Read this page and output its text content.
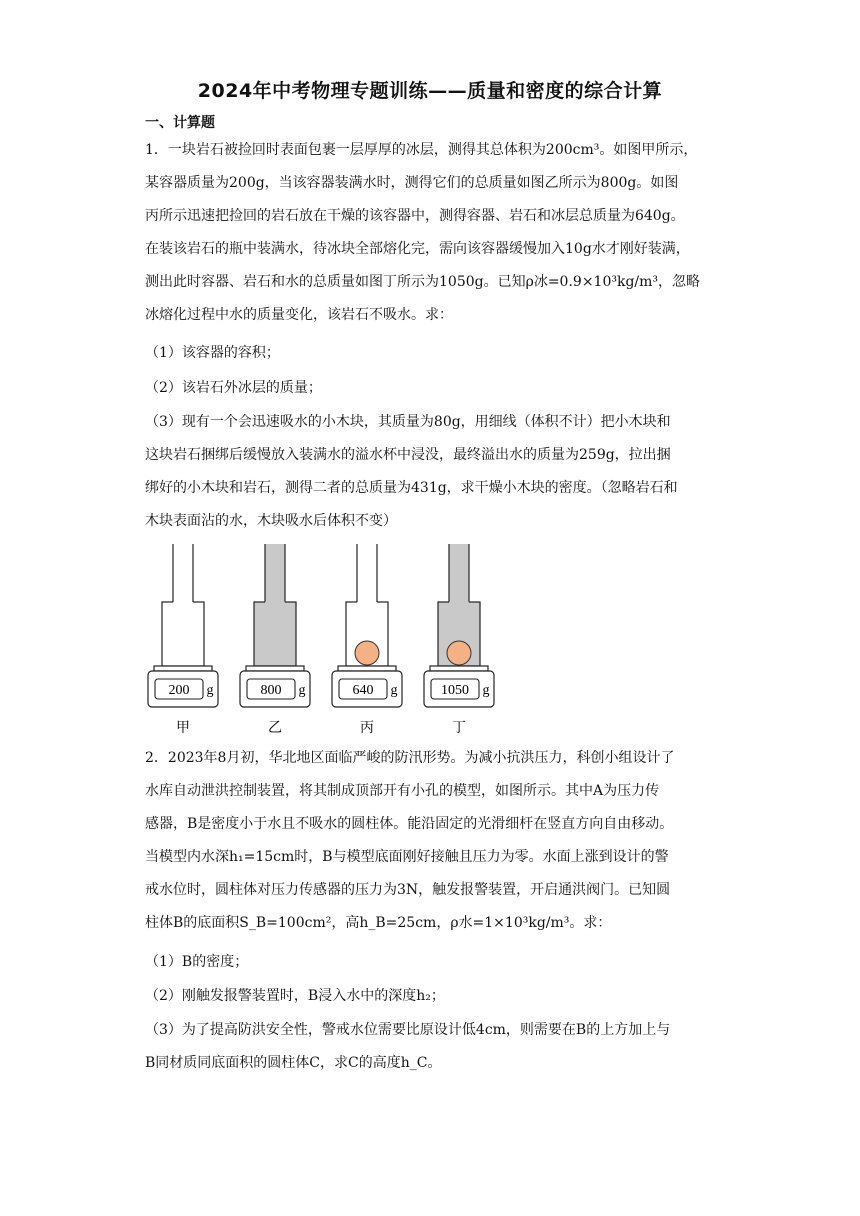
2024年中考物理专题训练——质量和密度的综合计算
一、计算题
1．一块岩石被捡回时表面包裹一层厚厚的冰层，测得其总体积为200cm³。如图甲所示，
某容器质量为200g，当该容器装满水时，测得它们的总质量如图乙所示为800g。如图
丙所示迅速把捡回的岩石放在干燥的该容器中，测得容器、岩石和冰层总质量为640g。
在装该岩石的瓶中装满水，待冰块全部熔化完，需向该容器缓慢加入10g水才刚好装满，
测出此时容器、岩石和水的总质量如图丁所示为1050g。已知ρ冰=0.9×10³kg/m³，忽略
冰熔化过程中水的质量变化，该岩石不吸水。求：
（1）该容器的容积；
（2）该岩石外冰层的质量；
（3）现有一个会迅速吸水的小木块，其质量为80g，用细线（体积不计）把小木块和
这块岩石捆绑后缓慢放入装满水的溢水杯中浸没，最终溢出水的质量为259g，拉出捆
绑好的小木块和岩石，测得二者的总质量为431g，求干燥小木块的密度。（忽略岩石和
木块表面沾的水，木块吸水后体积不变）
200 g
甲
800 g
乙
640 g
丙
1050 g
丁
2．2023年8月初，华北地区面临严峻的防汛形势。为减小抗洪压力，科创小组设计了
水库自动泄洪控制装置，将其制成顶部开有小孔的模型，如图所示。其中A为压力传
感器，B是密度小于水且不吸水的圆柱体。能沿固定的光滑细杆在竖直方向自由移动。
当模型内水深h₁=15cm时，B与模型底面刚好接触且压力为零。水面上涨到设计的警
戒水位时，圆柱体对压力传感器的压力为3N，触发报警装置，开启通洪阀门。已知圆
柱体B的底面积S_B=100cm²，高h_B=25cm，ρ水=1×10³kg/m³。求：
（1）B的密度；
（2）刚触发报警装置时，B浸入水中的深度h₂；
（3）为了提高防洪安全性，警戒水位需要比原设计低4cm，则需要在B的上方加上与
B同材质同底面积的圆柱体C，求C的高度h_C。
